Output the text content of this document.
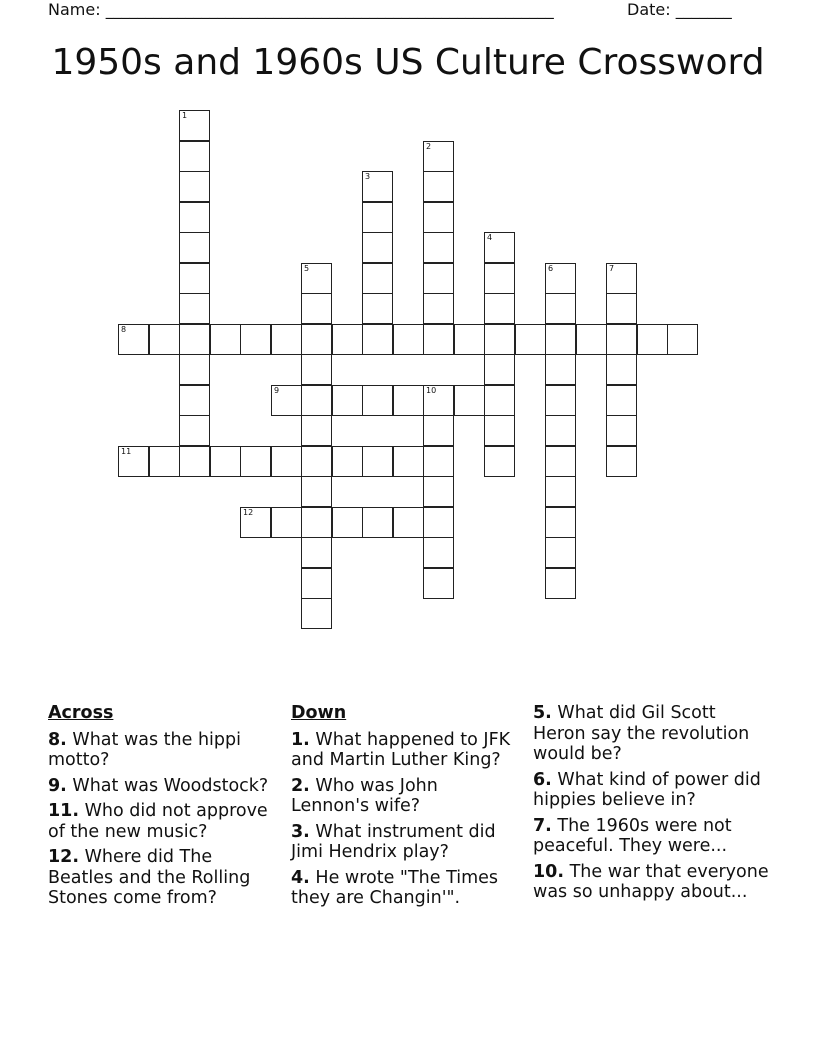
Name: ________________________________________________________	Date: _______
1950s and 1960s US Culture Crossword
1
2
3
4
5	6	7
8
9	10
11
12
Across
8. What was the hippi motto?
9. What was Woodstock?
11. Who did not approve of the new music?
12. Where did The Beatles and the Rolling Stones come from?
Down
1. What happened to JFK and Martin Luther King?
2. Who was John Lennon's wife?
3. What instrument did Jimi Hendrix play?
4. He wrote "The Times they are Changin'".
5. What did Gil Scott Heron say the revolution would be?
6. What kind of power did hippies believe in?
7. The 1960s were not peaceful. They were...
10. The war that everyone was so unhappy about...
